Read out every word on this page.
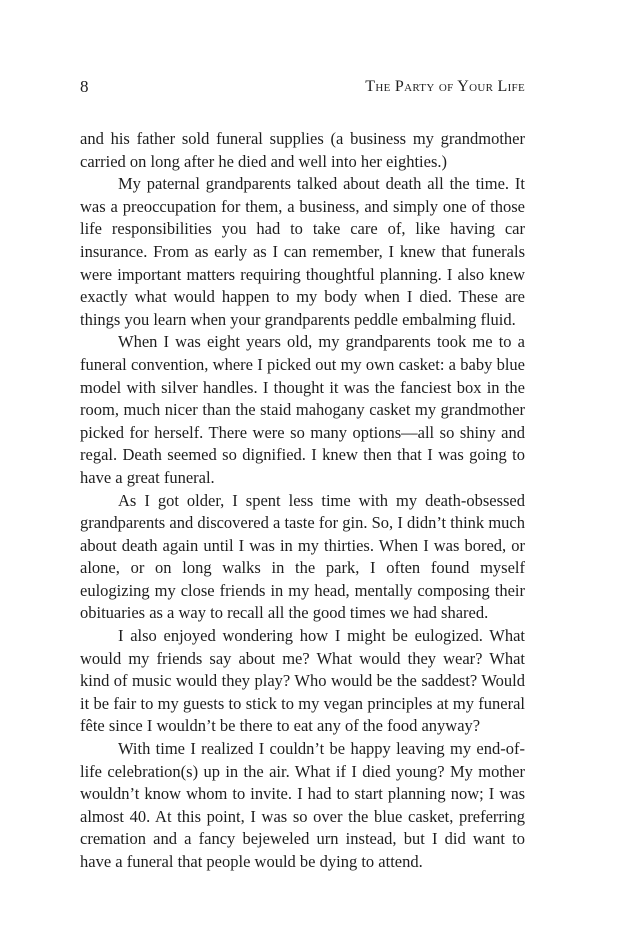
8	The Party of Your Life

and his father sold funeral supplies (a business my grandmother carried on long after he died and well into her eighties.)

My paternal grandparents talked about death all the time. It was a preoccupation for them, a business, and simply one of those life responsibilities you had to take care of, like having car insurance. From as early as I can remember, I knew that funerals were important matters requiring thoughtful planning. I also knew exactly what would happen to my body when I died. These are things you learn when your grandparents peddle embalming fluid.

When I was eight years old, my grandparents took me to a funeral convention, where I picked out my own casket: a baby blue model with silver handles. I thought it was the fanciest box in the room, much nicer than the staid mahogany casket my grandmother picked for herself. There were so many options—all so shiny and regal. Death seemed so dignified. I knew then that I was going to have a great funeral.

As I got older, I spent less time with my death-obsessed grandparents and discovered a taste for gin. So, I didn’t think much about death again until I was in my thirties. When I was bored, or alone, or on long walks in the park, I often found myself eulogizing my close friends in my head, mentally composing their obituaries as a way to recall all the good times we had shared.

I also enjoyed wondering how I might be eulogized. What would my friends say about me? What would they wear? What kind of music would they play? Who would be the saddest? Would it be fair to my guests to stick to my vegan principles at my funeral fête since I wouldn’t be there to eat any of the food anyway?

With time I realized I couldn’t be happy leaving my end-of-life celebration(s) up in the air. What if I died young? My mother wouldn’t know whom to invite. I had to start planning now; I was almost 40. At this point, I was so over the blue casket, preferring cremation and a fancy bejeweled urn instead, but I did want to have a funeral that people would be dying to attend.
